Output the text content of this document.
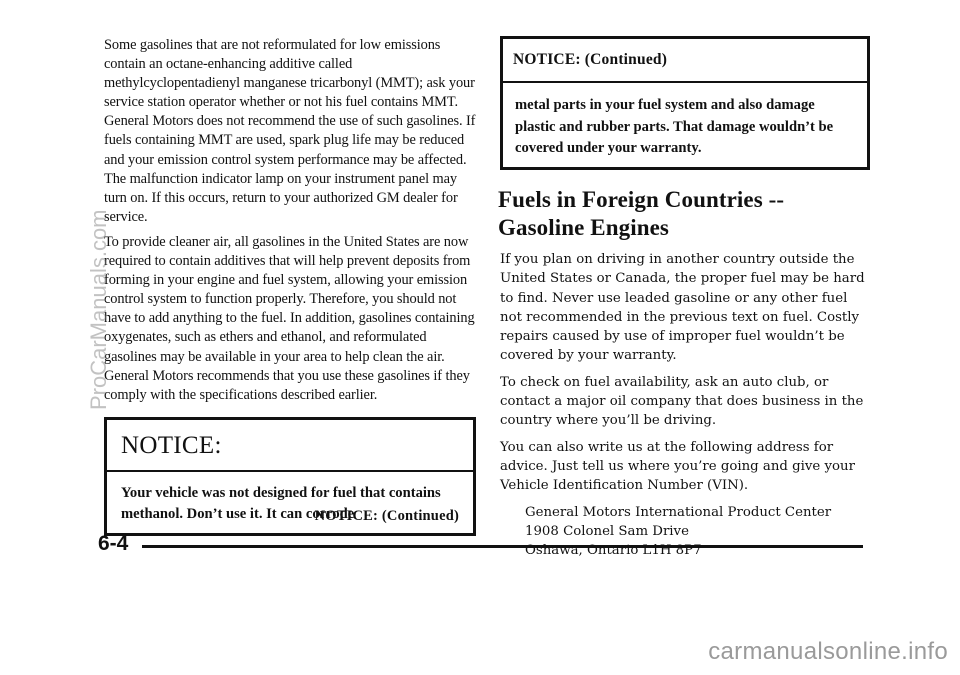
Some gasolines that are not reformulated for low emissions contain an octane-enhancing additive called methylcyclopentadienyl manganese tricarbonyl (MMT); ask your service station operator whether or not his fuel contains MMT. General Motors does not recommend the use of such gasolines. If fuels containing MMT are used, spark plug life may be reduced and your emission control system performance may be affected. The malfunction indicator lamp on your instrument panel may turn on. If this occurs, return to your authorized GM dealer for service.

To provide cleaner air, all gasolines in the United States are now required to contain additives that will help prevent deposits from forming in your engine and fuel system, allowing your emission control system to function properly. Therefore, you should not have to add anything to the fuel. In addition, gasolines containing oxygenates, such as ethers and ethanol, and reformulated gasolines may be available in your area to help clean the air. General Motors recommends that you use these gasolines if they comply with the specifications described earlier.

NOTICE:
Your vehicle was not designed for fuel that contains methanol. Don’t use it. It can corrode
NOTICE: (Continued)
NOTICE: (Continued)
metal parts in your fuel system and also damage plastic and rubber parts. That damage wouldn’t be covered under your warranty.
Fuels in Foreign Countries -- Gasoline Engines

If you plan on driving in another country outside the United States or Canada, the proper fuel may be hard to find. Never use leaded gasoline or any other fuel not recommended in the previous text on fuel. Costly repairs caused by use of improper fuel wouldn’t be covered by your warranty.

To check on fuel availability, ask an auto club, or contact a major oil company that does business in the country where you’ll be driving.

You can also write us at the following address for advice. Just tell us where you’re going and give your Vehicle Identification Number (VIN).

General Motors International Product Center
1908 Colonel Sam Drive
Oshawa, Ontario L1H 8P7
6-4
ProCarManuals.com
carmanualsonline.info
